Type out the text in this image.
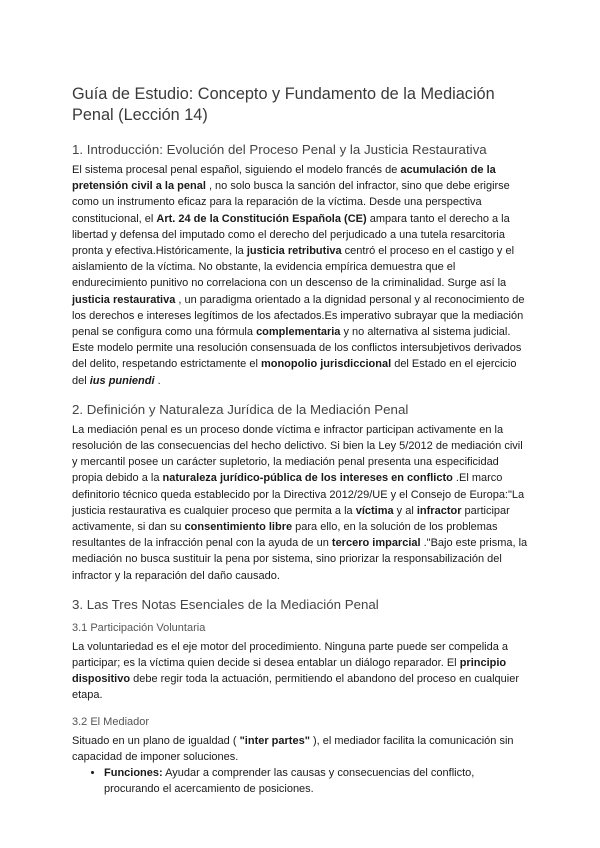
Guía de Estudio: Concepto y Fundamento de la Mediación Penal (Lección 14)
1. Introducción: Evolución del Proceso Penal y la Justicia Restaurativa

El sistema procesal penal español, siguiendo el modelo francés de acumulación de la pretensión civil a la penal , no solo busca la sanción del infractor, sino que debe erigirse como un instrumento eficaz para la reparación de la víctima. Desde una perspectiva constitucional, el Art. 24 de la Constitución Española (CE) ampara tanto el derecho a la libertad y defensa del imputado como el derecho del perjudicado a una tutela resarcitoria pronta y efectiva.Históricamente, la justicia retributiva centró el proceso en el castigo y el aislamiento de la víctima. No obstante, la evidencia empírica demuestra que el endurecimiento punitivo no correlaciona con un descenso de la criminalidad. Surge así la justicia restaurativa , un paradigma orientado a la dignidad personal y al reconocimiento de los derechos e intereses legítimos de los afectados.Es imperativo subrayar que la mediación penal se configura como una fórmula complementaria y no alternativa al sistema judicial. Este modelo permite una resolución consensuada de los conflictos intersubjetivos derivados del delito, respetando estrictamente el monopolio jurisdiccional del Estado en el ejercicio del ius puniendi .

2. Definición y Naturaleza Jurídica de la Mediación Penal

La mediación penal es un proceso donde víctima e infractor participan activamente en la resolución de las consecuencias del hecho delictivo. Si bien la Ley 5/2012 de mediación civil y mercantil posee un carácter supletorio, la mediación penal presenta una especificidad propia debido a la naturaleza jurídico-pública de los intereses en conflicto .El marco definitorio técnico queda establecido por la Directiva 2012/29/UE y el Consejo de Europa:"La justicia restaurativa es cualquier proceso que permita a la víctima y al infractor participar activamente, si dan su consentimiento libre para ello, en la solución de los problemas resultantes de la infracción penal con la ayuda de un tercero imparcial ."Bajo este prisma, la mediación no busca sustituir la pena por sistema, sino priorizar la responsabilización del infractor y la reparación del daño causado.

3. Las Tres Notas Esenciales de la Mediación Penal
3.1 Participación Voluntaria

La voluntariedad es el eje motor del procedimiento. Ninguna parte puede ser compelida a participar; es la víctima quien decide si desea entablar un diálogo reparador. El principio dispositivo debe regir toda la actuación, permitiendo el abandono del proceso en cualquier etapa.

3.2 El Mediador

Situado en un plano de igualdad ( "inter partes" ), el mediador facilita la comunicación sin capacidad de imponer soluciones.

• Funciones: Ayudar a comprender las causas y consecuencias del conflicto, procurando el acercamiento de posiciones.
